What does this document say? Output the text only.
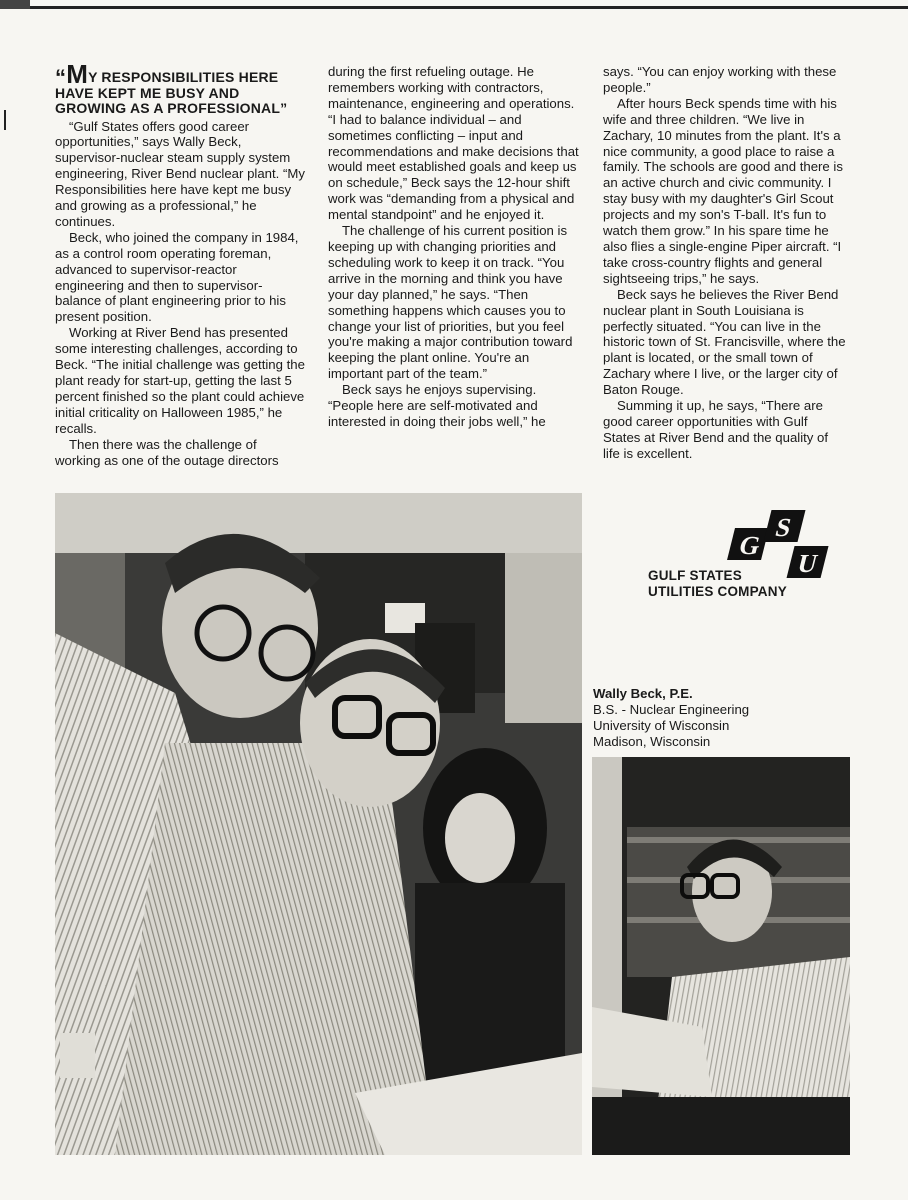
“MY RESPONSIBILITIES HERE HAVE KEPT ME BUSY AND GROWING AS A PROFESSIONAL”

“Gulf States offers good career opportunities,” says Wally Beck, supervisor-nuclear steam supply system engineering, River Bend nuclear plant. “My Responsibilities here have kept me busy and growing as a professional,” he continues.

Beck, who joined the company in 1984, as a control room operating foreman, advanced to supervisor-reactor engineering and then to supervisor-balance of plant engineering prior to his present position.

Working at River Bend has presented some interesting challenges, according to Beck. “The initial challenge was getting the plant ready for start-up, getting the last 5 percent finished so the plant could achieve initial criticality on Halloween 1985,” he recalls.

Then there was the challenge of working as one of the outage directors

during the first refueling outage. He remembers working with contractors, maintenance, engineering and operations. “I had to balance individual – and sometimes conflicting – input and recommendations and make decisions that would meet established goals and keep us on schedule,” Beck says the 12-hour shift work was “demanding from a physical and mental standpoint” and he enjoyed it.

The challenge of his current position is keeping up with changing priorities and scheduling work to keep it on track. “You arrive in the morning and think you have your day planned,” he says. “Then something happens which causes you to change your list of priorities, but you feel you're making a major contribution toward keeping the plant online. You're an important part of the team.”

Beck says he enjoys supervising. “People here are self-motivated and interested in doing their jobs well,” he

says. “You can enjoy working with these people.”

After hours Beck spends time with his wife and three children. “We live in Zachary, 10 minutes from the plant. It's a nice community, a good place to raise a family. The schools are good and there is an active church and civic community. I stay busy with my daughter's Girl Scout projects and my son's T-ball. It's fun to watch them grow.” In his spare time he also flies a single-engine Piper aircraft. “I take cross-country flights and general sightseeing trips,” he says.

Beck says he believes the River Bend nuclear plant in South Louisiana is perfectly situated. “You can live in the historic town of St. Francisville, where the plant is located, or the small town of Zachary where I live, or the larger city of Baton Rouge.

Summing it up, he says, “There are good career opportunities with Gulf States at River Bend and the quality of life is excellent.

G
S
U
GULF STATES
UTILITIES COMPANY
Wally Beck, P.E.
B.S. - Nuclear Engineering
University of Wisconsin
Madison, Wisconsin
